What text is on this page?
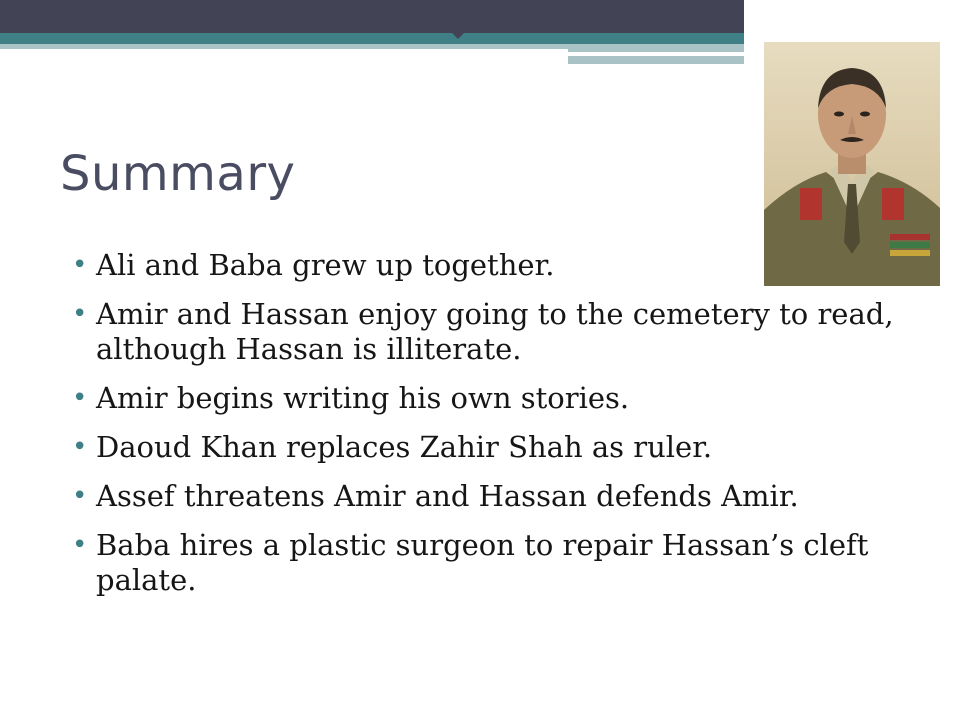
Summary
• Ali and Baba grew up together.
• Amir and Hassan enjoy going to the cemetery to read, although Hassan is illiterate.
• Amir begins writing his own stories.
• Daoud Khan replaces Zahir Shah as ruler.
• Assef threatens Amir and Hassan defends Amir.
• Baba hires a plastic surgeon to repair Hassan’s cleft palate.
